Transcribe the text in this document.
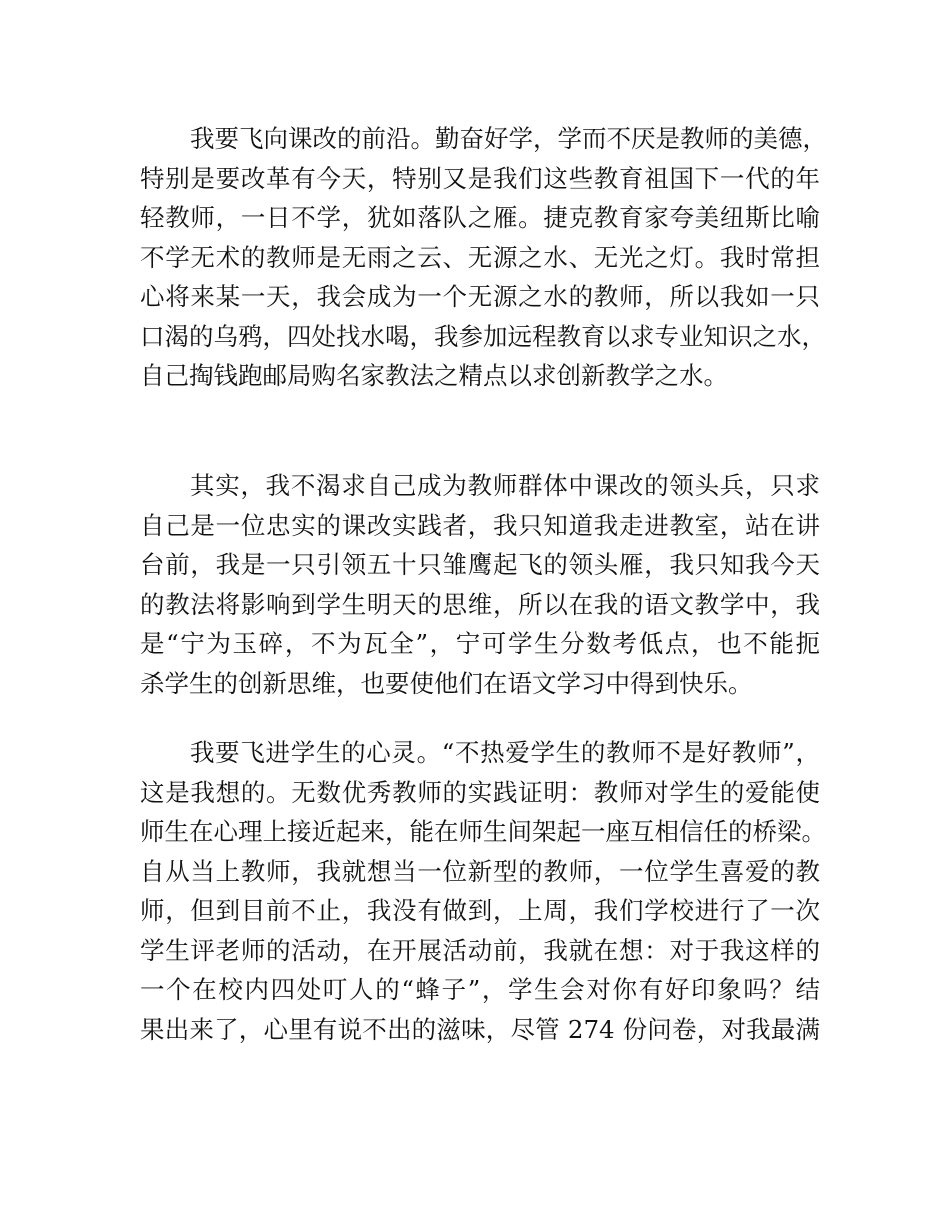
我要飞向课改的前沿。勤奋好学，学而不厌是教师的美德，
特别是要改革有今天，特别又是我们这些教育祖国下一代的年
轻教师，一日不学，犹如落队之雁。捷克教育家夸美纽斯比喻
不学无术的教师是无雨之云、无源之水、无光之灯。我时常担
心将来某一天，我会成为一个无源之水的教师，所以我如一只
口渴的乌鸦，四处找水喝，我参加远程教育以求专业知识之水，
自己掏钱跑邮局购名家教法之精点以求创新教学之水。
其实，我不渴求自己成为教师群体中课改的领头兵，只求
自己是一位忠实的课改实践者，我只知道我走进教室，站在讲
台前，我是一只引领五十只雏鹰起飞的领头雁，我只知我今天
的教法将影响到学生明天的思维，所以在我的语文教学中，我
是“宁为玉碎，不为瓦全”，宁可学生分数考低点，也不能扼
杀学生的创新思维，也要使他们在语文学习中得到快乐。
我要飞进学生的心灵。“不热爱学生的教师不是好教师”，
这是我想的。无数优秀教师的实践证明：教师对学生的爱能使
师生在心理上接近起来，能在师生间架起一座互相信任的桥梁。
自从当上教师，我就想当一位新型的教师，一位学生喜爱的教
师，但到目前不止，我没有做到，上周，我们学校进行了一次
学生评老师的活动，在开展活动前，我就在想：对于我这样的
一个在校内四处叮人的“蜂子”，学生会对你有好印象吗？结
果出来了，心里有说不出的滋味，尽管 274 份问卷，对我最满
